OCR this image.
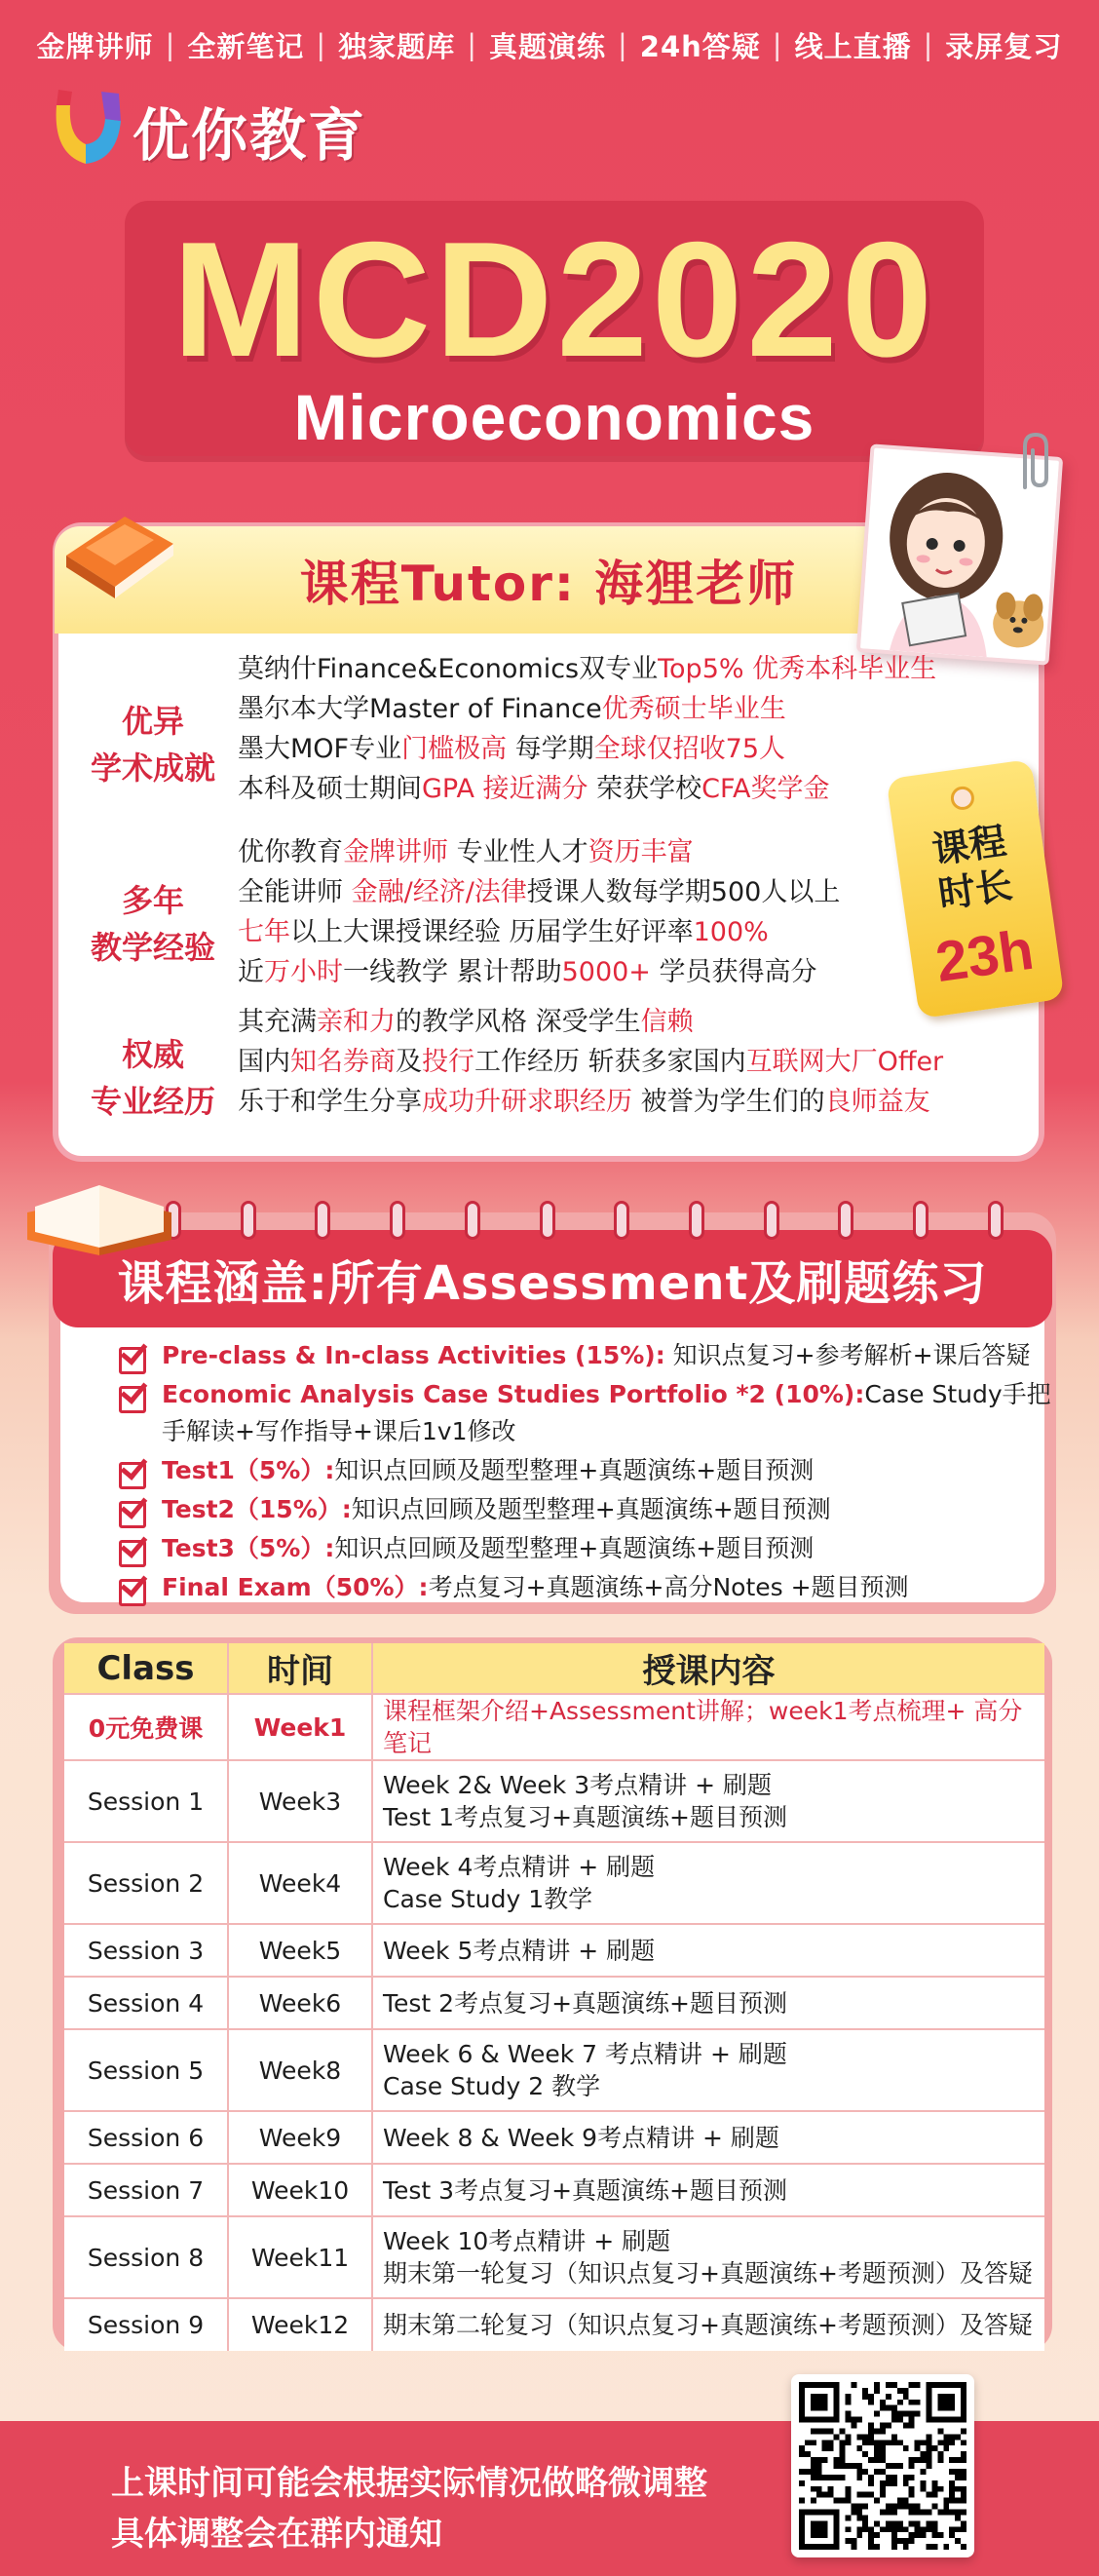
金牌讲师 | 全新笔记 | 独家题库 | 真题演练 | 24h答疑 | 线上直播 | 录屏复习
优你教育
MCD2020
Microeconomics
课程Tutor: 海狸老师
优异
学术成就
莫纳什Finance&Economics双专业Top5% 优秀本科毕业生
墨尔本大学Master of Finance优秀硕士毕业生
墨大MOF专业门槛极高 每学期全球仅招收75人
本科及硕士期间GPA 接近满分 荣获学校CFA奖学金
多年
教学经验
优你教育金牌讲师 专业性人才资历丰富
全能讲师 金融/经济/法律授课人数每学期500人以上
七年以上大课授课经验 历届学生好评率100%
近万小时一线教学 累计帮助5000+ 学员获得高分
权威
专业经历
其充满亲和力的教学风格 深受学生信赖
国内知名券商及投行工作经历 斩获多家国内互联网大厂Offer
乐于和学生分享成功升研求职经历 被誉为学生们的良师益友
课程
时长
23h
课程涵盖:所有Assessment及刷题练习
Pre-class & In-class Activities (15%): 知识点复习+参考解析+课后答疑
Economic Analysis Case Studies Portfolio *2 (10%):Case Study手把手解读+写作指导+课后1v1修改
Test1（5%）:知识点回顾及题型整理+真题演练+题目预测
Test2（15%）:知识点回顾及题型整理+真题演练+题目预测
Test3（5%）:知识点回顾及题型整理+真题演练+题目预测
Final Exam（50%）:考点复习+真题演练+高分Notes +题目预测
Class	时间	授课内容
0元免费课	Week1	课程框架介绍+Assessment讲解；week1考点梳理+ 高分笔记

Session 1	Week3	Week 2& Week 3考点精讲 + 刷题
Test 1考点复习+真题演练+题目预测

Session 2	Week4	Week 4考点精讲 + 刷题
Case Study 1教学

Session 3	Week5	Week 5考点精讲 + 刷题

Session 4	Week6	Test 2考点复习+真题演练+题目预测

Session 5	Week8	Week 6 & Week 7 考点精讲 + 刷题
Case Study 2 教学

Session 6	Week9	Week 8 & Week 9考点精讲 + 刷题

Session 7	Week10	Test 3考点复习+真题演练+题目预测

Session 8	Week11	Week 10考点精讲 + 刷题
期末第一轮复习（知识点复习+真题演练+考题预测）及答疑

Session 9	Week12	期末第二轮复习（知识点复习+真题演练+考题预测）及答疑
上课时间可能会根据实际情况做略微调整
具体调整会在群内通知
